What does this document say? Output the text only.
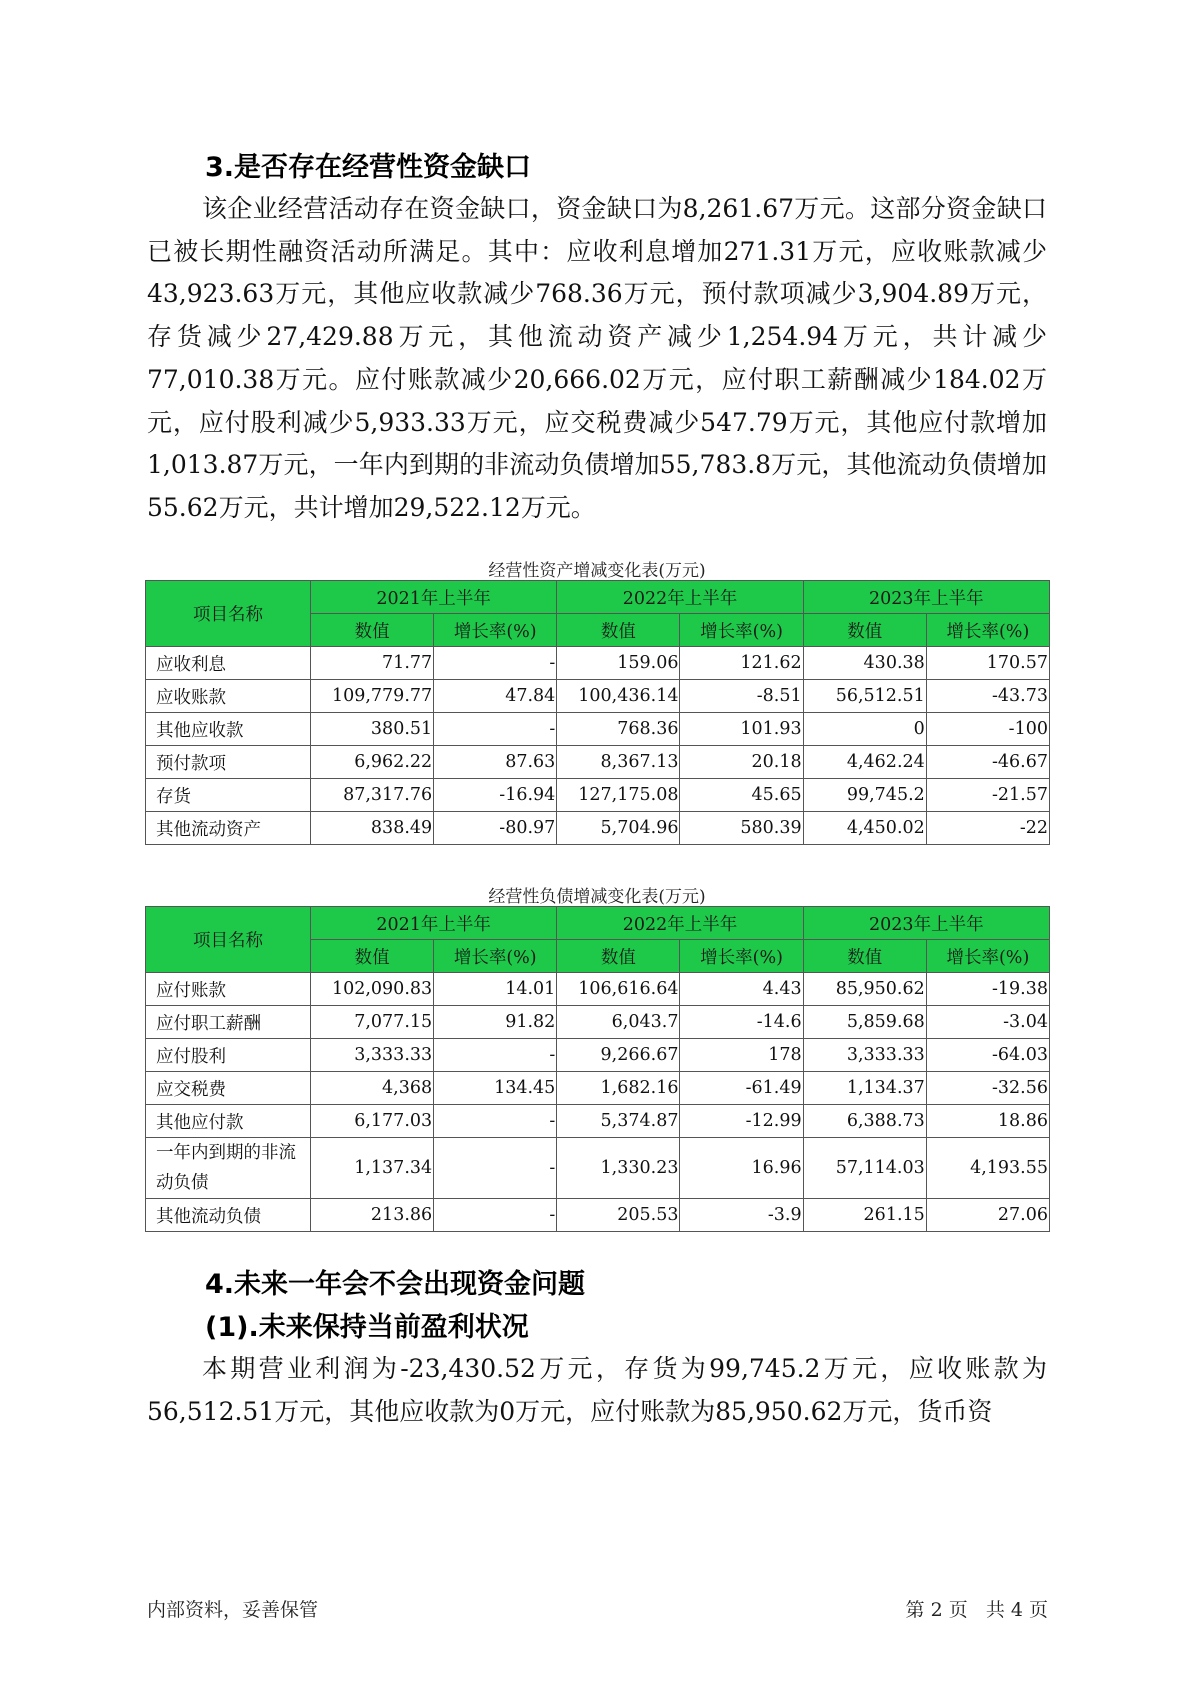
3.是否存在经营性资金缺口

该企业经营活动存在资金缺口，资金缺口为8,261.67万元。这部分资金缺口已被长期性融资活动所满足。其中：应收利息增加271.31万元，应收账款减少43,923.63万元，其他应收款减少768.36万元，预付款项减少3,904.89万元，存货减少27,429.88万元，其他流动资产减少1,254.94万元，共计减少77,010.38万元。应付账款减少20,666.02万元，应付职工薪酬减少184.02万元，应付股利减少5,933.33万元，应交税费减少547.79万元，其他应付款增加1,013.87万元，一年内到期的非流动负债增加55,783.8万元，其他流动负债增加55.62万元，共计增加29,522.12万元。

经营性资产增减变化表(万元)
项目名称	2021年上半年		2022年上半年		2023年上半年	
	数值	增长率(%)	数值	增长率(%)	数值	增长率(%)
应收利息	71.77	-	159.06	121.62	430.38	170.57
应收账款	109,779.77	47.84	100,436.14	-8.51	56,512.51	-43.73
其他应收款	380.51	-	768.36	101.93	0	-100
预付款项	6,962.22	87.63	8,367.13	20.18	4,462.24	-46.67
存货	87,317.76	-16.94	127,175.08	45.65	99,745.2	-21.57
其他流动资产	838.49	-80.97	5,704.96	580.39	4,450.02	-22
经营性负债增减变化表(万元)
项目名称	2021年上半年		2022年上半年		2023年上半年	
	数值	增长率(%)	数值	增长率(%)	数值	增长率(%)
应付账款	102,090.83	14.01	106,616.64	4.43	85,950.62	-19.38
应付职工薪酬	7,077.15	91.82	6,043.7	-14.6	5,859.68	-3.04
应付股利	3,333.33	-	9,266.67	178	3,333.33	-64.03
应交税费	4,368	134.45	1,682.16	-61.49	1,134.37	-32.56
其他应付款	6,177.03	-	5,374.87	-12.99	6,388.73	18.86
一年内到期的非流动负债	1,137.34	-	1,330.23	16.96	57,114.03	4,193.55
其他流动负债	213.86	-	205.53	-3.9	261.15	27.06
4.未来一年会不会出现资金问题
(1).未来保持当前盈利状况

本期营业利润为-23,430.52万元，存货为99,745.2万元，应收账款为56,512.51万元，其他应收款为0万元，应付账款为85,950.62万元，货币资

内部资料，妥善保管	第 2 页   共 4 页
